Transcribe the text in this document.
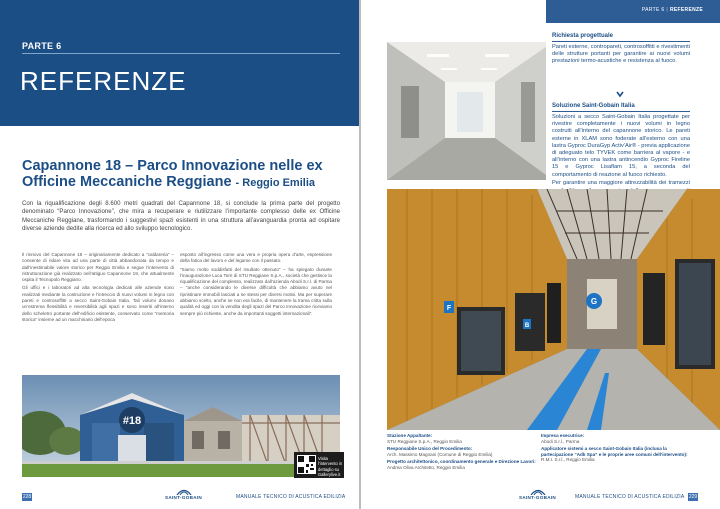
PARTE 6
REFERENZE
Capannone 18 – Parco Innovazione nelle ex Officine Meccaniche Reggiane - Reggio Emilia
Con la riqualificazione degli 8.600 metri quadrati del Capannone 18, si conclude la prima parte del progetto denominato “Parco Innovazione”, che mira a recuperare e riutilizzare l’importante complesso delle ex Officine Meccaniche Reggiane, trasformando i suggestivi spazi esistenti in una struttura all’avanguardia pronta ad ospitare diverse aziende dedite alla ricerca ed allo sviluppo tecnologico.

Il rinnovo del Capannone 18 – originariamente dedicato a “caldareria” – consente di ridare vita ad una parte di città abbandonata da tempo e dall’inestimabile valore storico per Reggio Emilia e segue l’intervento di ristrutturazione già realizzato nell’attiguo Capannone 19, che attualmente ospita il Tecnopolo Reggiano.

Gli uffici e i laboratori ad alta tecnologia dedicati alle aziende sono realizzati mediante la costruzione e l’intreccio di nuovi volumi in legno con pareti e controsoffitti a secco Saint-Gobain Italia. Tali volumi donano un’estrema flessibilità e reversibilità agli spazi e sono inseriti all’interno dello scheletro portante dell’edificio esistente, conservato come “memoria storica” insieme ad un macchinario dell’epoca

esposto all’ingresso come una vera e propria opera d’arte, espressione della fatica del lavoro e del legame con il passato.

“Siamo molto soddisfatti del risultato ottenuto” – ha spiegato durante l’inaugurazione Luca Torri di STU Reggiane S.p.A., società che gestisce la riqualificazione del complesso, realizzato dall’azienda Abodi S.r.l. di Parma – “anche considerando le diverse difficoltà che abbiamo avuto nel ripristinare immobili lasciati a se stessi per diversi motivi. Ma per superare abbiamo scelto, anche se non era facile, di mantenere la trama critta sulla qualità ed oggi con la vendita degli spazi del Parco Innovazione riceviamo sempre più richieste, anche da importanti soggetti internazionali”.

#18
Visita l’intervento in dettaglio su Gallerylive.it
228	SAINT-GOBAIN	MANUALE TECNICO DI ACUSTICA EDILIZIA
PARTE 6 | REFERENZE
Richiesta progettuale
Pareti esterne, contropareti, controsoffitti e rivestimenti delle strutture portanti per garantire ai nuovi volumi prestazioni termo-acustiche e resistenza al fuoco.
Soluzione Saint-Gobain Italia

Soluzioni a secco Saint-Gobain Italia progettate per rivestire completamente i nuovi volumi in legno costruiti all’interno del capannone storico. Le pareti esterne in XLAM sono foderate all’esterno con una lastra Gyproc DuraGyp Activ’Air® - previa applicazione di adeguato telo TYVEK come barriera al vapore - e all’interno con una lastra antincendio Gyproc Fireline 15 e Gyproc Lisaflam 15, a seconda del comportamento di reazione al fuoco richiesto.

Per garantire una maggiore attrezzabilità dei tramezzi

G
F
B
Stazione Appaltante:
STU Reggiane S.p.A., Reggio Emilia
Responsabile Unico del Procedimento:
Arch. Massimo Magnani (Comune di Reggio Emilia)
Progetto architettonico, coordinamento generale e Direzione Lavori:
Andrea Oliva Architetto, Reggio Emilia
Impresa esecutrice:
Abodi S.r.l., Parma
Applicatore sistemi a secco Saint-Gobain Italia (inclusa la partecipazione “Adk Spa” e le proprie aree comuni dell’intervento):
R.M.I. S.r.l., Reggio Emilia
SAINT-GOBAIN	MANUALE TECNICO DI ACUSTICA EDILIZIA 229
